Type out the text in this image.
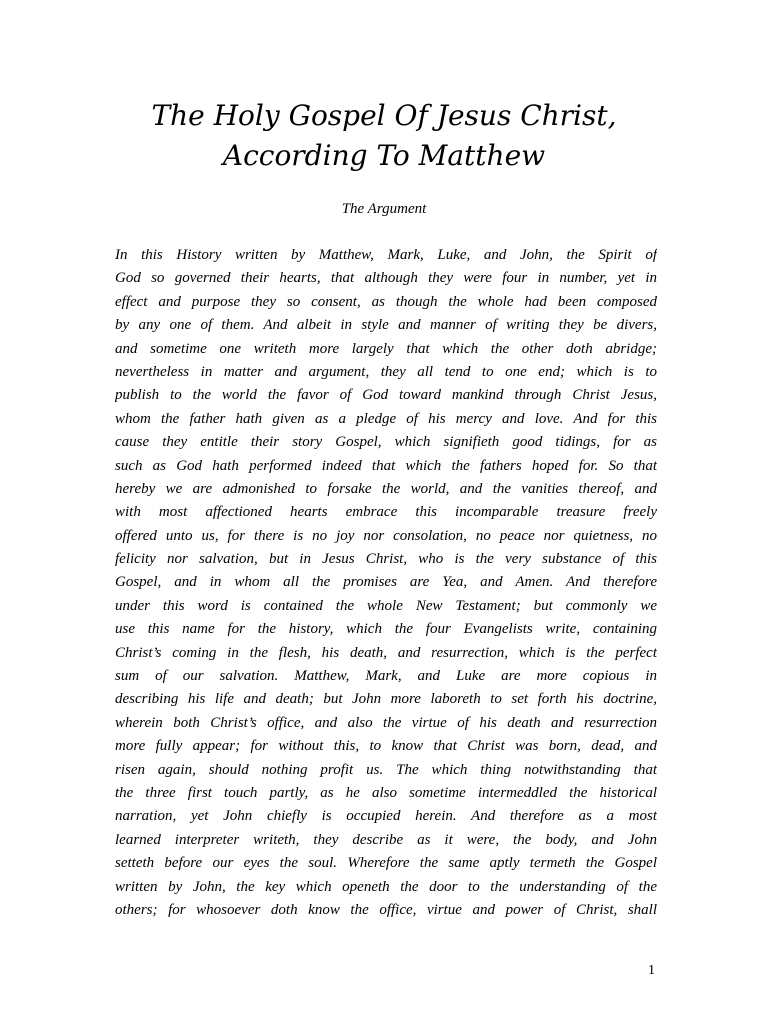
The Holy Gospel Of Jesus Christ,
According To Matthew
The Argument
In this History written by Matthew, Mark, Luke, and John, the Spirit of
God so governed their hearts, that although they were four in number, yet in
effect and purpose they so consent, as though the whole had been composed
by any one of them. And albeit in style and manner of writing they be divers,
and sometime one writeth more largely that which the other doth abridge;
nevertheless in matter and argument, they all tend to one end; which is to
publish to the world the favor of God toward mankind through Christ Jesus,
whom the father hath given as a pledge of his mercy and love. And for this
cause they entitle their story Gospel, which signifieth good tidings, for as
such as God hath performed indeed that which the fathers hoped for. So that
hereby we are admonished to forsake the world, and the vanities thereof, and
with most affectioned hearts embrace this incomparable treasure freely
offered unto us, for there is no joy nor consolation, no peace nor quietness, no
felicity nor salvation, but in Jesus Christ, who is the very substance of this
Gospel, and in whom all the promises are Yea, and Amen. And therefore
under this word is contained the whole New Testament; but commonly we
use this name for the history, which the four Evangelists write, containing
Christ’s coming in the flesh, his death, and resurrection, which is the perfect
sum of our salvation. Matthew, Mark, and Luke are more copious in
describing his life and death; but John more laboreth to set forth his doctrine,
wherein both Christ’s office, and also the virtue of his death and resurrection
more fully appear; for without this, to know that Christ was born, dead, and
risen again, should nothing profit us. The which thing notwithstanding that
the three first touch partly, as he also sometime intermeddled the historical
narration, yet John chiefly is occupied herein. And therefore as a most
learned interpreter writeth, they describe as it were, the body, and John
setteth before our eyes the soul. Wherefore the same aptly termeth the Gospel
written by John, the key which openeth the door to the understanding of the
others; for whosoever doth know the office, virtue and power of Christ, shall
1
